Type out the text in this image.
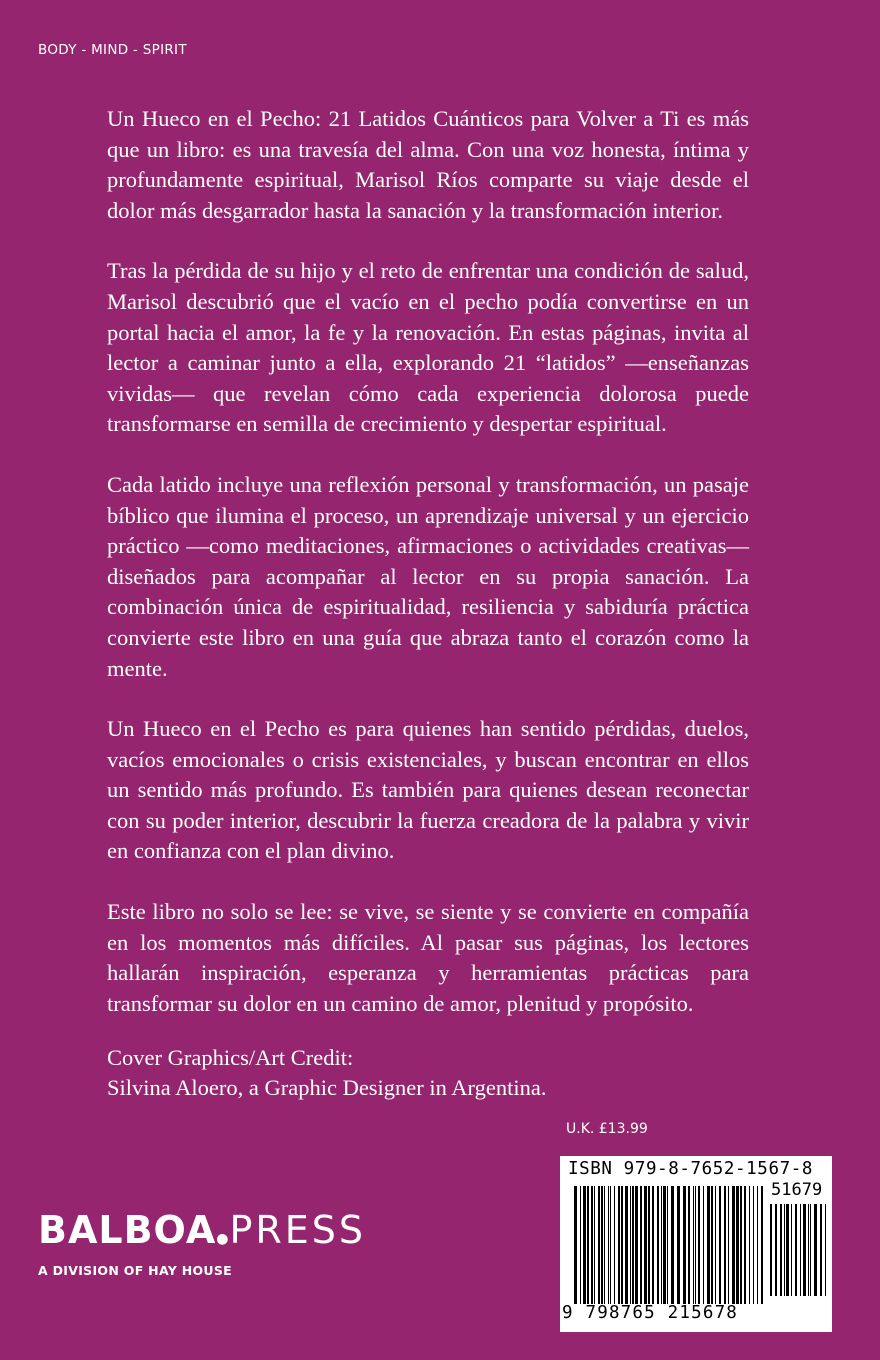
BODY - MIND - SPIRIT

Un Hueco en el Pecho: 21 Latidos Cuánticos para Volver a Ti es más que un libro: es una travesía del alma. Con una voz honesta, íntima y profundamente espiritual, Marisol Ríos comparte su viaje desde el dolor más desgarrador hasta la sanación y la transformación interior.

Tras la pérdida de su hijo y el reto de enfrentar una condición de salud, Marisol descubrió que el vacío en el pecho podía convertirse en un portal hacia el amor, la fe y la renovación. En estas páginas, invita al lector a caminar junto a ella, explorando 21 “latidos” —enseñanzas vividas— que revelan cómo cada experiencia dolorosa puede transformarse en semilla de crecimiento y despertar espiritual.

Cada latido incluye una reflexión personal y transformación, un pasaje bíblico que ilumina el proceso, un aprendizaje universal y un ejercicio práctico —como meditaciones, afirmaciones o actividades creativas— diseñados para acompañar al lector en su propia sanación. La combinación única de espiritualidad, resiliencia y sabiduría práctica convierte este libro en una guía que abraza tanto el corazón como la mente.

Un Hueco en el Pecho es para quienes han sentido pérdidas, duelos, vacíos emocionales o crisis existenciales, y buscan encontrar en ellos un sentido más profundo. Es también para quienes desean reconectar con su poder interior, descubrir la fuerza creadora de la palabra y vivir en confianza con el plan divino.

Este libro no solo se lee: se vive, se siente y se convierte en compañía en los momentos más difíciles. Al pasar sus páginas, los lectores hallarán inspiración, esperanza y herramientas prácticas para transformar su dolor en un camino de amor, plenitud y propósito.

Cover Graphics/Art Credit:
Silvina Aloero, a Graphic Designer in Argentina.
U.K. £13.99
ISBN 979-8-7652-1567-8
51679
9 798765 215678
BALBOA●PRESS
A DIVISION OF HAY HOUSE
